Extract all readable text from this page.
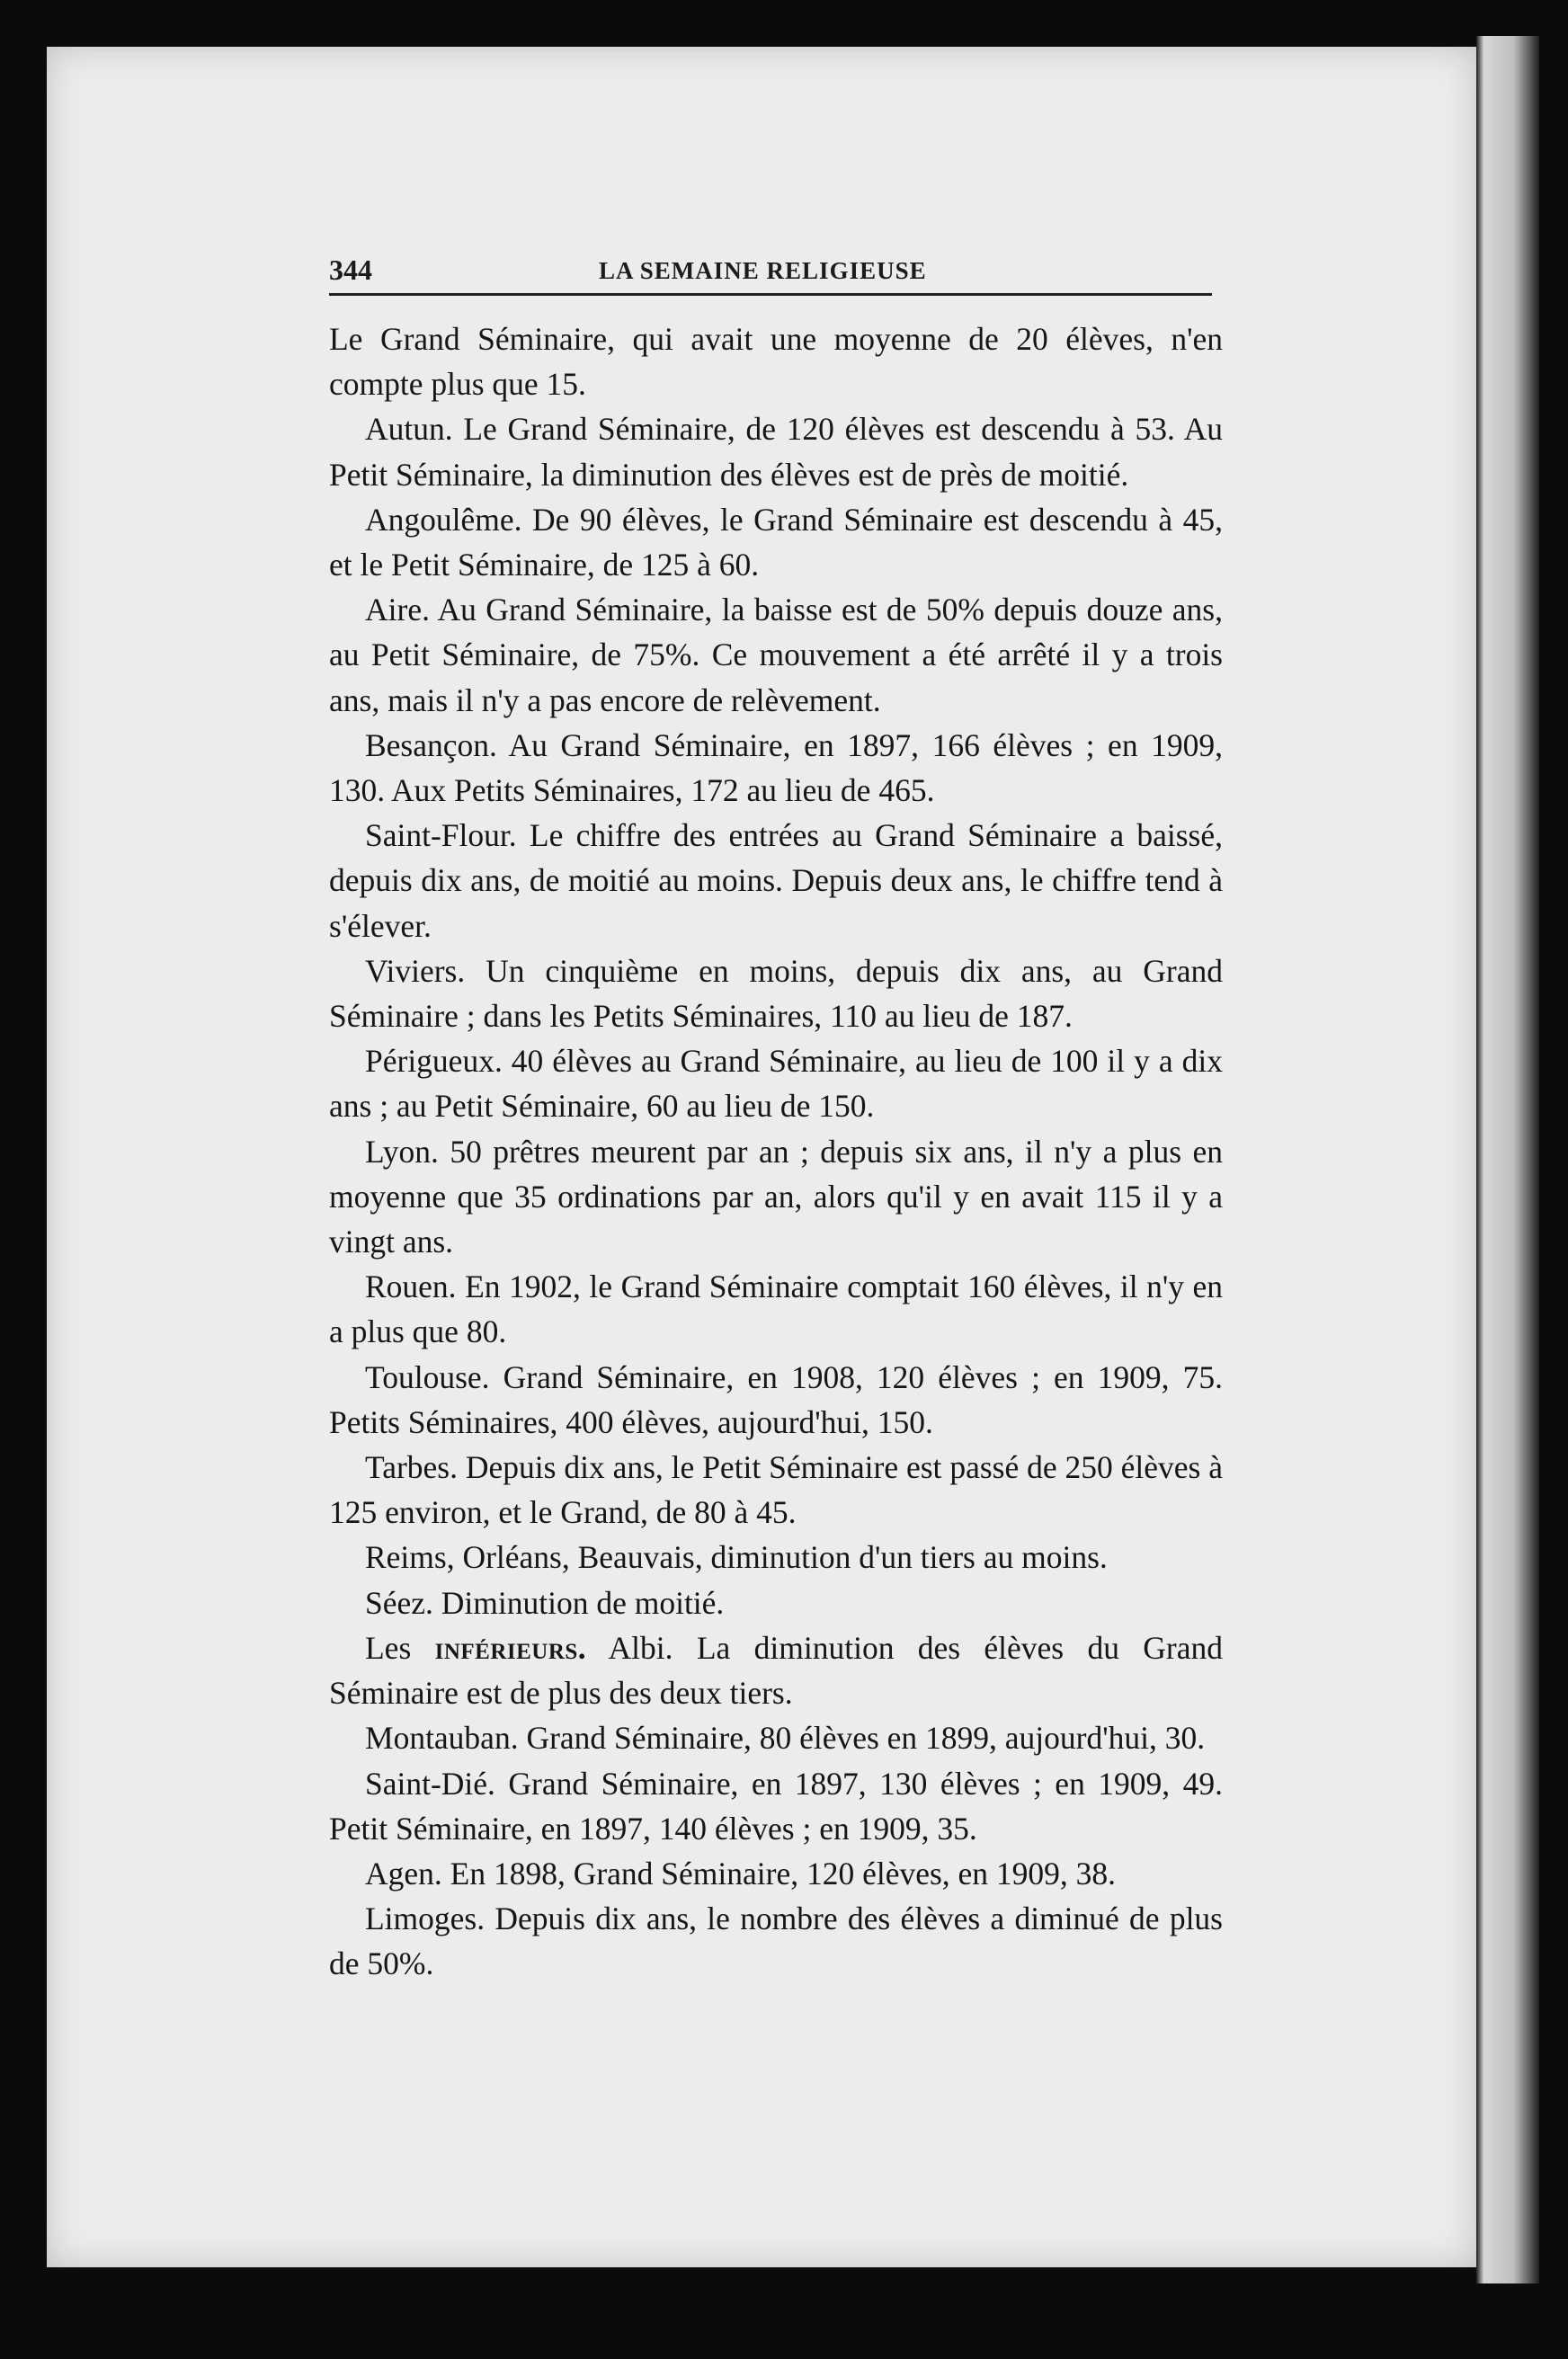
344	LA SEMAINE RELIGIEUSE

Le Grand Séminaire, qui avait une moyenne de 20 élèves, n'en compte plus que 15.

Autun. Le Grand Séminaire, de 120 élèves est descendu à 53. Au Petit Séminaire, la diminution des élèves est de près de moitié.

Angoulême. De 90 élèves, le Grand Séminaire est descendu à 45, et le Petit Séminaire, de 125 à 60.

Aire. Au Grand Séminaire, la baisse est de 50% depuis douze ans, au Petit Séminaire, de 75%. Ce mouvement a été arrêté il y a trois ans, mais il n'y a pas encore de relèvement.

Besançon. Au Grand Séminaire, en 1897, 166 élèves ; en 1909, 130. Aux Petits Séminaires, 172 au lieu de 465.

Saint-Flour. Le chiffre des entrées au Grand Séminaire a baissé, depuis dix ans, de moitié au moins. Depuis deux ans, le chiffre tend à s'élever.

Viviers. Un cinquième en moins, depuis dix ans, au Grand Séminaire ; dans les Petits Séminaires, 110 au lieu de 187.

Périgueux. 40 élèves au Grand Séminaire, au lieu de 100 il y a dix ans ; au Petit Séminaire, 60 au lieu de 150.

Lyon. 50 prêtres meurent par an ; depuis six ans, il n'y a plus en moyenne que 35 ordinations par an, alors qu'il y en avait 115 il y a vingt ans.

Rouen. En 1902, le Grand Séminaire comptait 160 élèves, il n'y en a plus que 80.

Toulouse. Grand Séminaire, en 1908, 120 élèves ; en 1909, 75. Petits Séminaires, 400 élèves, aujourd'hui, 150.

Tarbes. Depuis dix ans, le Petit Séminaire est passé de 250 élèves à 125 environ, et le Grand, de 80 à 45.

Reims, Orléans, Beauvais, diminution d'un tiers au moins.

Séez. Diminution de moitié.

Les inférieurs. Albi. La diminution des élèves du Grand Séminaire est de plus des deux tiers.

Montauban. Grand Séminaire, 80 élèves en 1899, aujourd'hui, 30.

Saint-Dié. Grand Séminaire, en 1897, 130 élèves ; en 1909, 49. Petit Séminaire, en 1897, 140 élèves ; en 1909, 35.

Agen. En 1898, Grand Séminaire, 120 élèves, en 1909, 38.

Limoges. Depuis dix ans, le nombre des élèves a diminué de plus de 50%.
